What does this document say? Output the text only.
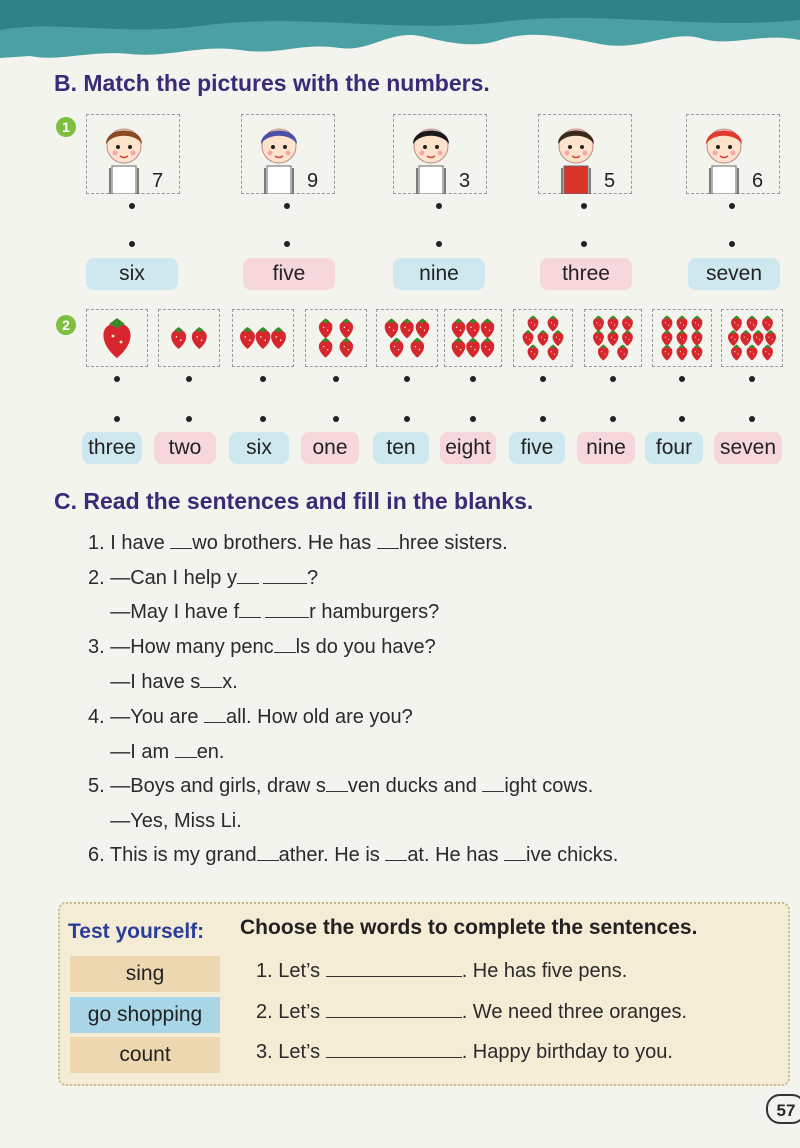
B. Match the pictures with the numbers.
1
7	9	3	5	6
six	five	nine	three	seven
2
three	two	six	one	ten	eight	five	nine	four	seven
C. Read the sentences and fill in the blanks.
1. I have wo brothers. He has hree sisters.
2. —Can I help y	?
—May I have f	r hamburgers?
3. —How many penc ls do you have?
—I have s x.
4. —You are all. How old are you?
—I am en.
5. —Boys and girls, draw s ven ducks and ight cows.
—Yes, Miss Li.
6. This is my grand ather. He is at. He has ive chicks.
Test yourself: Choose the words to complete the sentences.
sing
go shopping
count
1. Let’s	. He has five pens.
2. Let’s	. We need three oranges.
3. Let’s	. Happy birthday to you.
57
